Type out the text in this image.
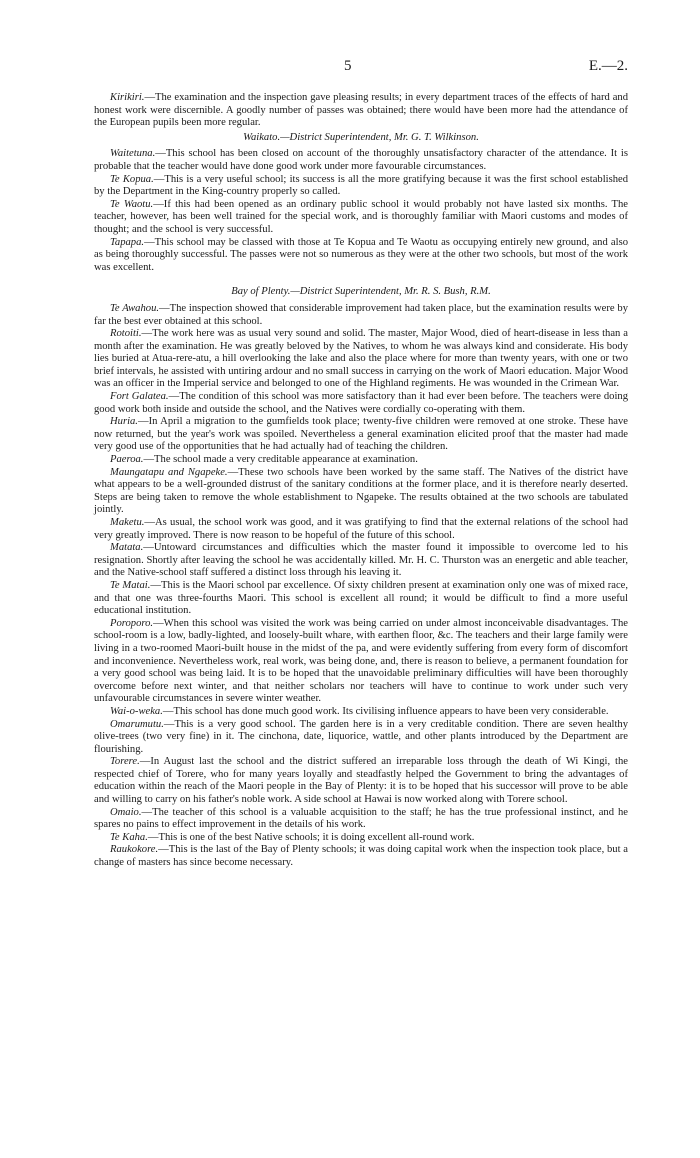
5	E.—2.

Kirikiri.—The examination and the inspection gave pleasing results; in every department traces of the effects of hard and honest work were discernible. A goodly number of passes was obtained; there would have been more had the attendance of the European pupils been more regular.

Waikato.—District Superintendent, Mr. G. T. Wilkinson.

Waitetuna.—This school has been closed on account of the thoroughly unsatisfactory character of the attendance. It is probable that the teacher would have done good work under more favourable circumstances.

Te Kopua.—This is a very useful school; its success is all the more gratifying because it was the first school established by the Department in the King-country properly so called.

Te Waotu.—If this had been opened as an ordinary public school it would probably not have lasted six months. The teacher, however, has been well trained for the special work, and is thoroughly familiar with Maori customs and modes of thought; and the school is very successful.

Tapapa.—This school may be classed with those at Te Kopua and Te Waotu as occupying entirely new ground, and also as being thoroughly successful. The passes were not so numerous as they were at the other two schools, but most of the work was excellent.

Bay of Plenty.—District Superintendent, Mr. R. S. Bush, R.M.

Te Awahou.—The inspection showed that considerable improvement had taken place, but the examination results were by far the best ever obtained at this school.

Rotoiti.—The work here was as usual very sound and solid. The master, Major Wood, died of heart-disease in less than a month after the examination. He was greatly beloved by the Natives, to whom he was always kind and considerate. His body lies buried at Atua-rere-atu, a hill overlooking the lake and also the place where for more than twenty years, with one or two brief intervals, he assisted with untiring ardour and no small success in carrying on the work of Maori education. Major Wood was an officer in the Imperial service and belonged to one of the Highland regiments. He was wounded in the Crimean War.

Fort Galatea.—The condition of this school was more satisfactory than it had ever been before. The teachers were doing good work both inside and outside the school, and the Natives were cordially co-operating with them.

Huria.—In April a migration to the gumfields took place; twenty-five children were removed at one stroke. These have now returned, but the year's work was spoiled. Nevertheless a general examination elicited proof that the master had made very good use of the opportunities that he had actually had of teaching the children.

Paeroa.—The school made a very creditable appearance at examination.

Maungatapu and Ngapeke.—These two schools have been worked by the same staff. The Natives of the district have what appears to be a well-grounded distrust of the sanitary conditions at the former place, and it is therefore nearly deserted. Steps are being taken to remove the whole establishment to Ngapeke. The results obtained at the two schools are tabulated jointly.

Maketu.—As usual, the school work was good, and it was gratifying to find that the external relations of the school had very greatly improved. There is now reason to be hopeful of the future of this school.

Matata.—Untoward circumstances and difficulties which the master found it impossible to overcome led to his resignation. Shortly after leaving the school he was accidentally killed. Mr. H. C. Thurston was an energetic and able teacher, and the Native-school staff suffered a distinct loss through his leaving it.

Te Matai.—This is the Maori school par excellence. Of sixty children present at examination only one was of mixed race, and that one was three-fourths Maori. This school is excellent all round; it would be difficult to find a more useful educational institution.

Poroporo.—When this school was visited the work was being carried on under almost inconceivable disadvantages. The school-room is a low, badly-lighted, and loosely-built whare, with earthen floor, &c. The teachers and their large family were living in a two-roomed Maori-built house in the midst of the pa, and were evidently suffering from every form of discomfort and inconvenience. Nevertheless work, real work, was being done, and, there is reason to believe, a permanent foundation for a very good school was being laid. It is to be hoped that the unavoidable preliminary difficulties will have been thoroughly overcome before next winter, and that neither scholars nor teachers will have to continue to work under such very unfavourable circumstances in severe winter weather.

Wai-o-weka.—This school has done much good work. Its civilising influence appears to have been very considerable.

Omarumutu.—This is a very good school. The garden here is in a very creditable condition. There are seven healthy olive-trees (two very fine) in it. The cinchona, date, liquorice, wattle, and other plants introduced by the Department are flourishing.

Torere.—In August last the school and the district suffered an irreparable loss through the death of Wi Kingi, the respected chief of Torere, who for many years loyally and steadfastly helped the Government to bring the advantages of education within the reach of the Maori people in the Bay of Plenty: it is to be hoped that his successor will prove to be able and willing to carry on his father's noble work. A side school at Hawai is now worked along with Torere school.

Omaio.—The teacher of this school is a valuable acquisition to the staff; he has the true professional instinct, and he spares no pains to effect improvement in the details of his work.

Te Kaha.—This is one of the best Native schools; it is doing excellent all-round work.

Raukokore.—This is the last of the Bay of Plenty schools; it was doing capital work when the inspection took place, but a change of masters has since become necessary.
